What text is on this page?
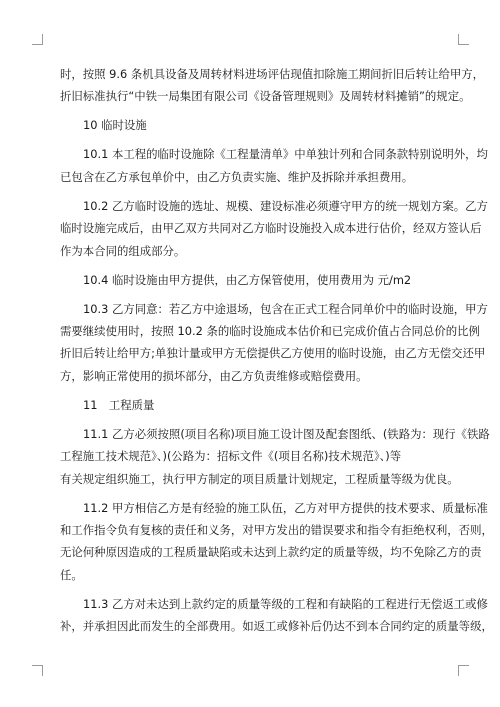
时，按照 9.6 条机具设备及周转材料进场评估现值扣除施工期间折旧后转让给甲方，
折旧标准执行“中铁一局集团有限公司《设备管理规则》及周转材料摊销”的规定。
10 临时设施
10.1 本工程的临时设施除《工程量清单》中单独计列和合同条款特别说明外，均
已包含在乙方承包单价中，由乙方负责实施、维护及拆除并承担费用。
10.2 乙方临时设施的选址、规模、建设标准必须遵守甲方的统一规划方案。乙方
临时设施完成后，由甲乙双方共同对乙方临时设施投入成本进行估价，经双方签认后
作为本合同的组成部分。
10.4 临时设施由甲方提供，由乙方保管使用，使用费用为 元/m2
10.3 乙方同意：若乙方中途退场，包含在正式工程合同单价中的临时设施，甲方
需要继续使用时，按照 10.2 条的临时设施成本估价和已完成价值占合同总价的比例
折旧后转让给甲方;单独计量或甲方无偿提供乙方使用的临时设施，由乙方无偿交还甲
方，影响正常使用的损坏部分，由乙方负责维修或赔偿费用。
11　工程质量
11.1 乙方必须按照(项目名称)项目施工设计图及配套图纸、(铁路为：现行《铁路
工程施工技术规范》、)(公路为：招标文件《(项目名称)技术规范》、)等
有关规定组织施工，执行甲方制定的项目质量计划规定，工程质量等级为优良。
11.2 甲方相信乙方是有经验的施工队伍，乙方对甲方提供的技术要求、质量标准
和工作指令负有复核的责任和义务，对甲方发出的错误要求和指令有拒绝权利，否则，
无论何种原因造成的工程质量缺陷或未达到上款约定的质量等级，均不免除乙方的责
任。
11.3 乙方对未达到上款约定的质量等级的工程和有缺陷的工程进行无偿返工或修
补，并承担因此而发生的全部费用。如返工或修补后仍达不到本合同约定的质量等级，
